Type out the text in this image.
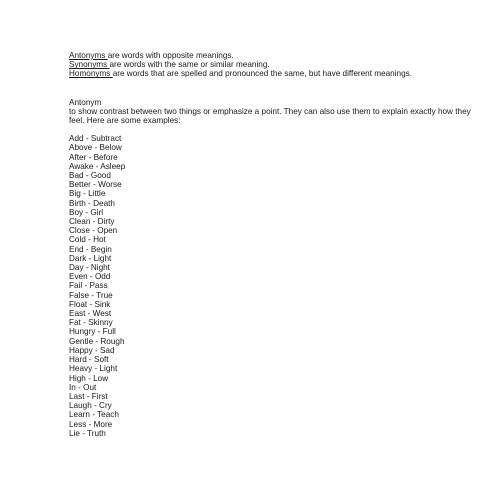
Antonyms are words with opposite meanings.
Synonyms are words with the same or similar meaning.
Homonyms are words that are spelled and pronounced the same, but have different meanings.
Antonym
to show contrast between two things or emphasize a point. They can also use them to explain exactly how they feel. Here are some examples:
Add - Subtract
Above - Below
After - Before
Awake - Asleep
Bad - Good
Better - Worse
Big - Little
Birth - Death
Boy - Girl
Clean - Dirty
Close - Open
Cold - Hot
End - Begin
Dark - Light
Day - Night
Even - Odd
Fail - Pass
False - True
Float - Sink
East - West
Fat - Skinny
Hungry - Full
Gentle - Rough
Happy - Sad
Hard - Soft
Heavy - Light
High - Low
In - Out
Last - First
Laugh - Cry
Learn - Teach
Less - More
Lie - Truth
